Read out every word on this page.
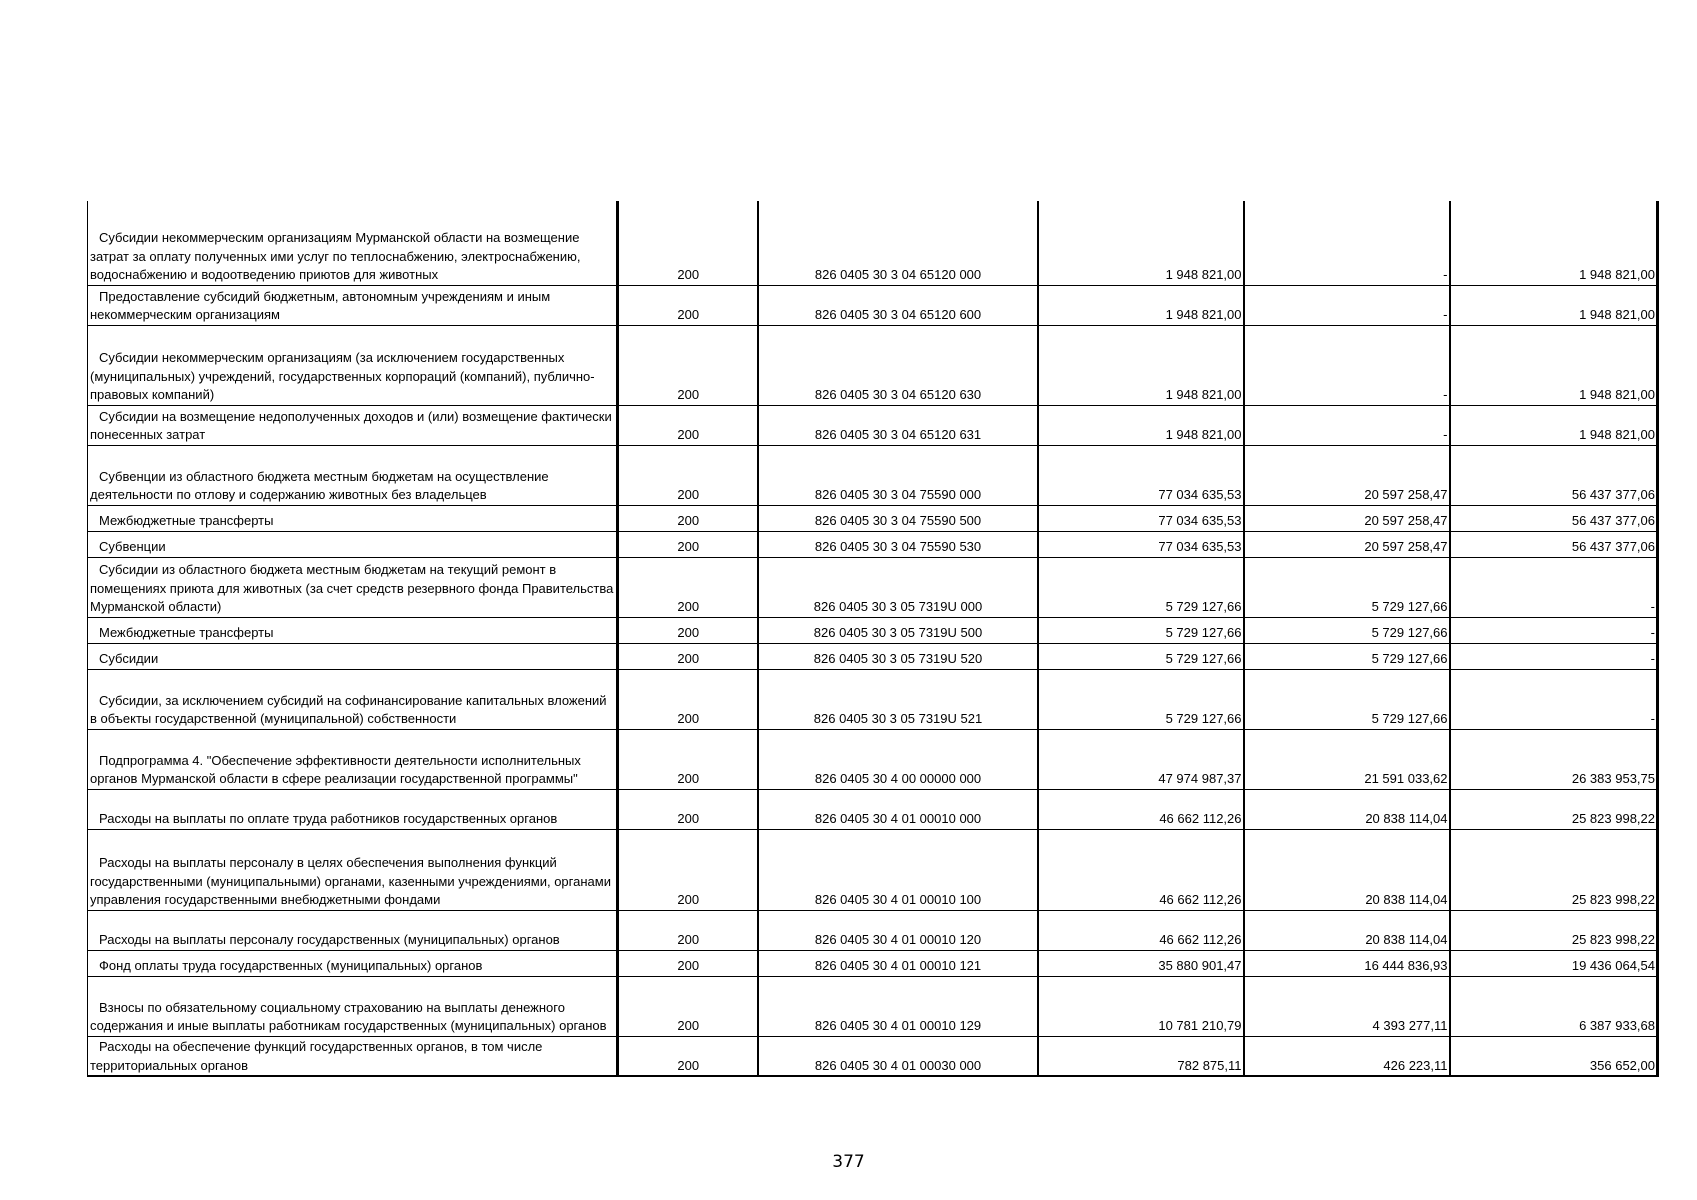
Субсидии некоммерческим организациям Мурманской области на возмещение затрат за оплату полученных ими услуг по теплоснабжению, электроснабжению, водоснабжению и водоотведению приютов для животных	200	826 0405 30 3 04 65120 000	1 948 821,00	-	1 948 821,00

Предоставление субсидий бюджетным, автономным учреждениям и иным некоммерческим организациям	200	826 0405 30 3 04 65120 600	1 948 821,00	-	1 948 821,00

Субсидии некоммерческим организациям (за исключением государственных (муниципальных) учреждений, государственных корпораций (компаний), публично-правовых компаний)	200	826 0405 30 3 04 65120 630	1 948 821,00	-	1 948 821,00

Субсидии на возмещение недополученных доходов и (или) возмещение фактически понесенных затрат	200	826 0405 30 3 04 65120 631	1 948 821,00	-	1 948 821,00

Субвенции из областного бюджета местным бюджетам на осуществление деятельности по отлову и содержанию животных без владельцев	200	826 0405 30 3 04 75590 000	77 034 635,53	20 597 258,47	56 437 377,06

Межбюджетные трансферты	200	826 0405 30 3 04 75590 500	77 034 635,53	20 597 258,47	56 437 377,06

Субвенции	200	826 0405 30 3 04 75590 530	77 034 635,53	20 597 258,47	56 437 377,06

Субсидии из областного бюджета местным бюджетам на текущий ремонт в помещениях приюта для животных (за счет средств резервного фонда Правительства Мурманской области)	200	826 0405 30 3 05 7319U 000	5 729 127,66	5 729 127,66	-

Межбюджетные трансферты	200	826 0405 30 3 05 7319U 500	5 729 127,66	5 729 127,66	-

Субсидии	200	826 0405 30 3 05 7319U 520	5 729 127,66	5 729 127,66	-

Субсидии, за исключением субсидий на софинансирование капитальных вложений в объекты государственной (муниципальной) собственности	200	826 0405 30 3 05 7319U 521	5 729 127,66	5 729 127,66	-

Подпрограмма 4. "Обеспечение эффективности деятельности исполнительных органов Мурманской области в сфере реализации государственной программы"	200	826 0405 30 4 00 00000 000	47 974 987,37	21 591 033,62	26 383 953,75

Расходы на выплаты по оплате труда работников государственных органов	200	826 0405 30 4 01 00010 000	46 662 112,26	20 838 114,04	25 823 998,22

Расходы на выплаты персоналу в целях обеспечения выполнения функций государственными (муниципальными) органами, казенными учреждениями, органами управления государственными внебюджетными фондами	200	826 0405 30 4 01 00010 100	46 662 112,26	20 838 114,04	25 823 998,22

Расходы на выплаты персоналу государственных (муниципальных) органов	200	826 0405 30 4 01 00010 120	46 662 112,26	20 838 114,04	25 823 998,22

Фонд оплаты труда государственных (муниципальных) органов	200	826 0405 30 4 01 00010 121	35 880 901,47	16 444 836,93	19 436 064,54

Взносы по обязательному социальному страхованию на выплаты денежного содержания и иные выплаты работникам государственных (муниципальных) органов	200	826 0405 30 4 01 00010 129	10 781 210,79	4 393 277,11	6 387 933,68

Расходы на обеспечение функций государственных органов, в том числе территориальных органов	200	826 0405 30 4 01 00030 000	782 875,11	426 223,11	356 652,00
377
